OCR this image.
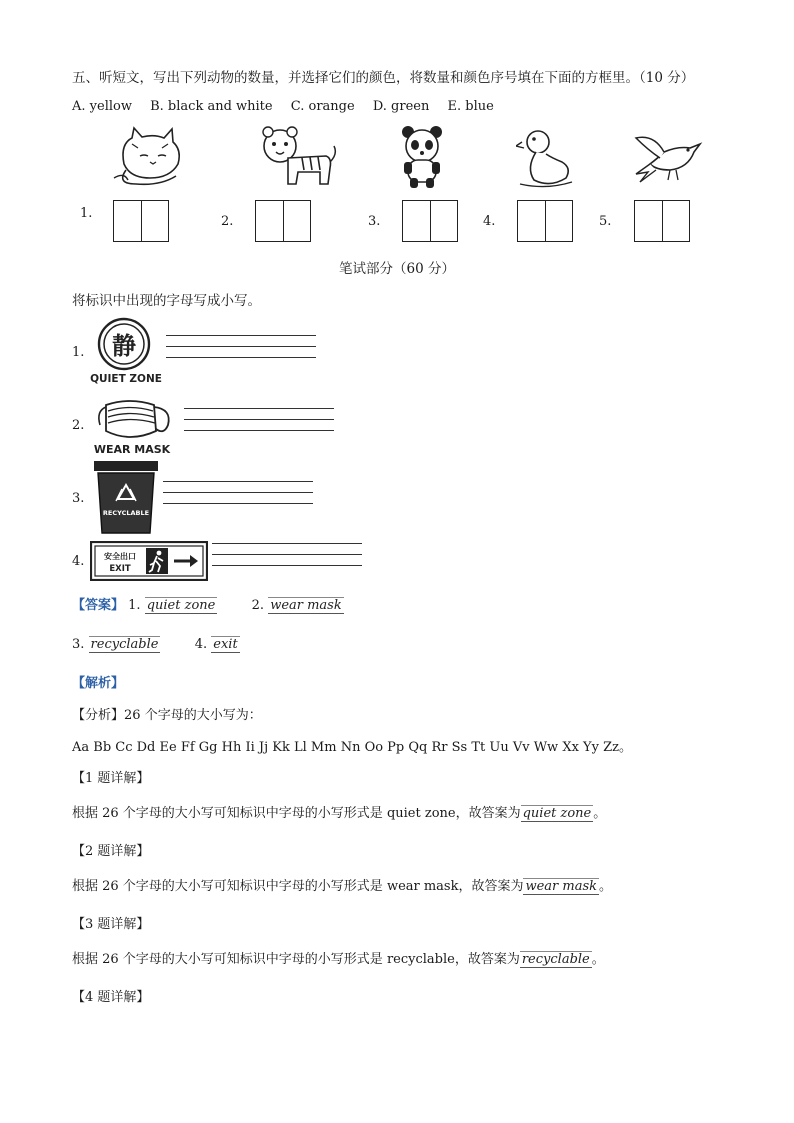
五、听短文，写出下列动物的数量，并选择它们的颜色，将数量和颜色序号填在下面的方框里。（10 分）
A. yellow B. black and white C. orange D. green E. blue
1.
2.	3.	4.	5.
笔试部分（60 分）
将标识中出现的字母写成小写。
1. 静
QUIET ZONE
2.
WEAR MASK
3.
RECYCLABLE
4. 安全出口
EXIT
【答案】 1. quiet zone	2. wear mask
3. recyclable	4. exit
【解析】
【分析】26 个字母的大小写为：
Aa Bb Cc Dd Ee Ff Gg Hh Ii Jj Kk Ll Mm Nn Oo Pp Qq Rr Ss Tt Uu Vv Ww Xx Yy Zz。
【1 题详解】
根据 26 个字母的大小写可知标识中字母的小写形式是 quiet zone，故答案为 quiet zone 。
【2 题详解】
根据 26 个字母的大小写可知标识中字母的小写形式是 wear mask，故答案为 wear mask 。
【3 题详解】
根据 26 个字母的大小写可知标识中字母的小写形式是 recyclable，故答案为 recyclable 。
【4 题详解】
